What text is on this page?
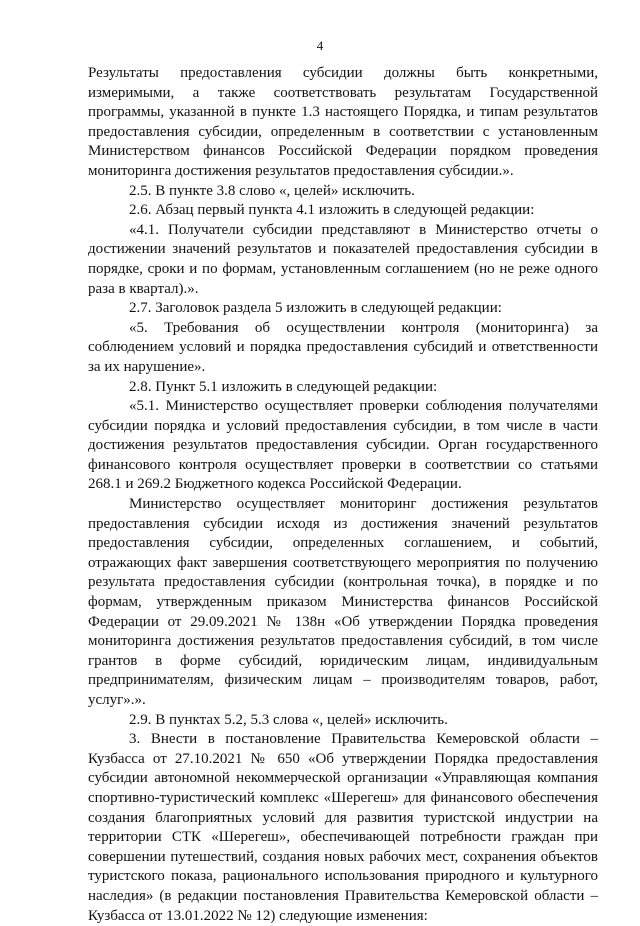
4

Результаты предоставления субсидии должны быть конкретными, измеримыми, а также соответствовать результатам Государственной программы, указанной в пункте 1.3 настоящего Порядка, и типам результатов предоставления субсидии, определенным в соответствии с установленным Министерством финансов Российской Федерации порядком проведения мониторинга достижения результатов предоставления субсидии.».

2.5. В пункте 3.8 слово «, целей» исключить.

2.6. Абзац первый пункта 4.1 изложить в следующей редакции:

«4.1. Получатели субсидии представляют в Министерство отчеты о достижении значений результатов и показателей предоставления субсидии в порядке, сроки и по формам, установленным соглашением (но не реже одного раза в квартал).».

2.7. Заголовок раздела 5 изложить в следующей редакции:

«5. Требования об осуществлении контроля (мониторинга) за соблюдением условий и порядка предоставления субсидий и ответственности за их нарушение».

2.8. Пункт 5.1 изложить в следующей редакции:

«5.1. Министерство осуществляет проверки соблюдения получателями субсидии порядка и условий предоставления субсидии, в том числе в части достижения результатов предоставления субсидии. Орган государственного финансового контроля осуществляет проверки в соответствии со статьями 268.1 и 269.2 Бюджетного кодекса Российской Федерации.

Министерство осуществляет мониторинг достижения результатов предоставления субсидии исходя из достижения значений результатов предоставления субсидии, определенных соглашением, и событий, отражающих факт завершения соответствующего мероприятия по получению результата предоставления субсидии (контрольная точка), в порядке и по формам, утвержденным приказом Министерства финансов Российской Федерации от 29.09.2021 № 138н «Об утверждении Порядка проведения мониторинга достижения результатов предоставления субсидий, в том числе грантов в форме субсидий, юридическим лицам, индивидуальным предпринимателям, физическим лицам – производителям товаров, работ, услуг».».

2.9. В пунктах 5.2, 5.3 слова «, целей» исключить.

3. Внести в постановление Правительства Кемеровской области – Кузбасса от 27.10.2021 № 650 «Об утверждении Порядка предоставления субсидии автономной некоммерческой организации «Управляющая компания спортивно-туристический комплекс «Шерегеш» для финансового обеспечения создания благоприятных условий для развития туристской индустрии на территории СТК «Шерегеш», обеспечивающей потребности граждан при совершении путешествий, создания новых рабочих мест, сохранения объектов туристского показа, рационального использования природного и культурного наследия» (в редакции постановления Правительства Кемеровской области – Кузбасса от 13.01.2022 № 12) следующие изменения:
